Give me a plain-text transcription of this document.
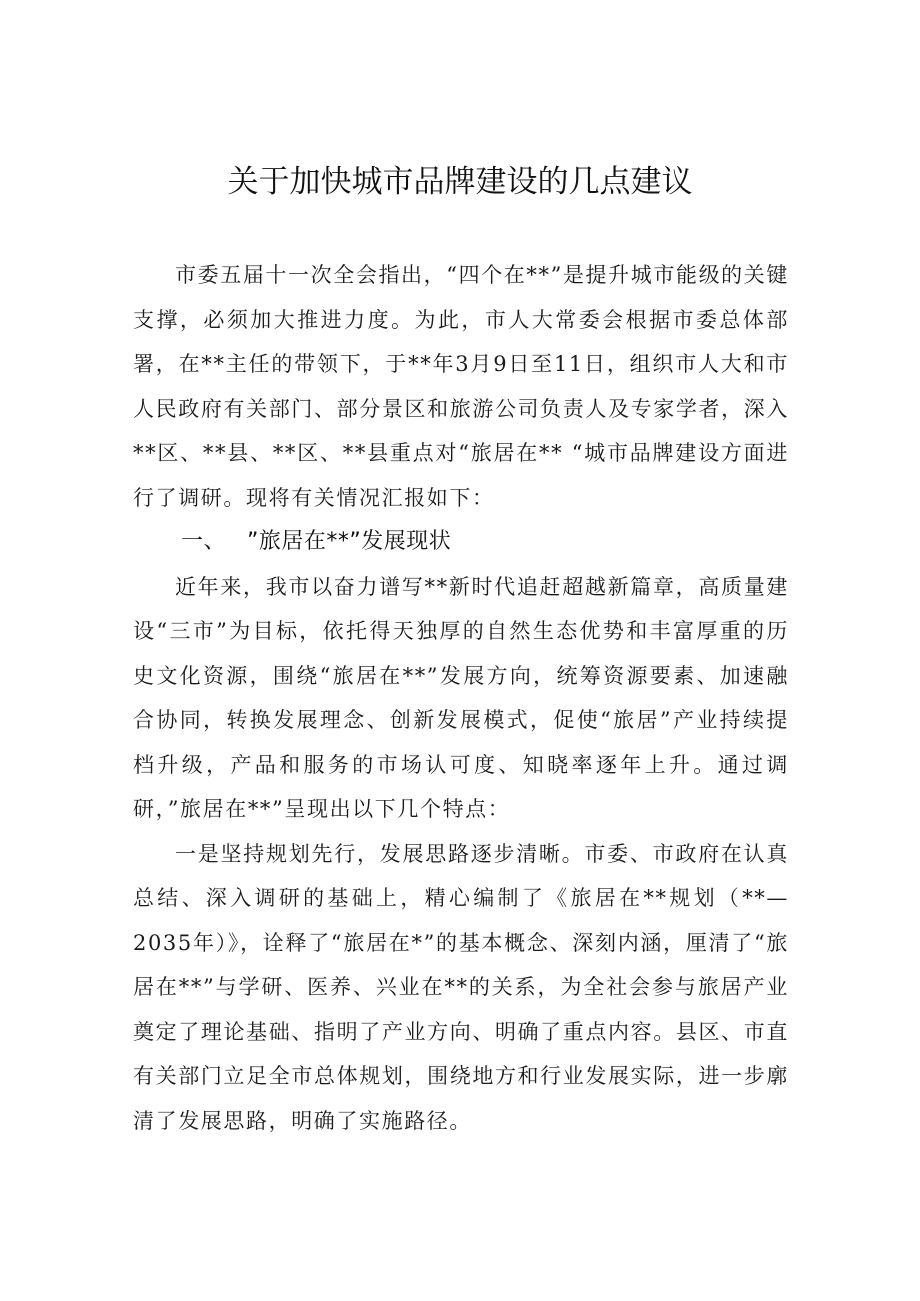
关于加快城市品牌建设的几点建议

市委五届十一次全会指出，“四个在**”是提升城市能级的关键支撑，必须加大推进力度。为此，市人大常委会根据市委总体部署，在**主任的带领下，于**年3月9日至11日，组织市人大和市人民政府有关部门、部分景区和旅游公司负责人及专家学者，深入**区、**县、**区、**县重点对“旅居在** “城市品牌建设方面进行了调研。现将有关情况汇报如下：

一、 ”旅居在**”发展现状

近年来，我市以奋力谱写**新时代追赶超越新篇章，高质量建设“三市”为目标，依托得天独厚的自然生态优势和丰富厚重的历史文化资源，围绕“旅居在**”发展方向，统筹资源要素、加速融合协同，转换发展理念、创新发展模式，促使“旅居”产业持续提档升级，产品和服务的市场认可度、知晓率逐年上升。通过调研，”旅居在**”呈现出以下几个特点：

一是坚持规划先行，发展思路逐步清晰。市委、市政府在认真总结、深入调研的基础上，精心编制了《旅居在**规划（**—2035年）》，诠释了“旅居在*”的基本概念、深刻内涵，厘清了“旅居在**”与学研、医养、兴业在**的关系，为全社会参与旅居产业奠定了理论基础、指明了产业方向、明确了重点内容。县区、市直有关部门立足全市总体规划，围绕地方和行业发展实际，进一步廓清了发展思路，明确了实施路径。
